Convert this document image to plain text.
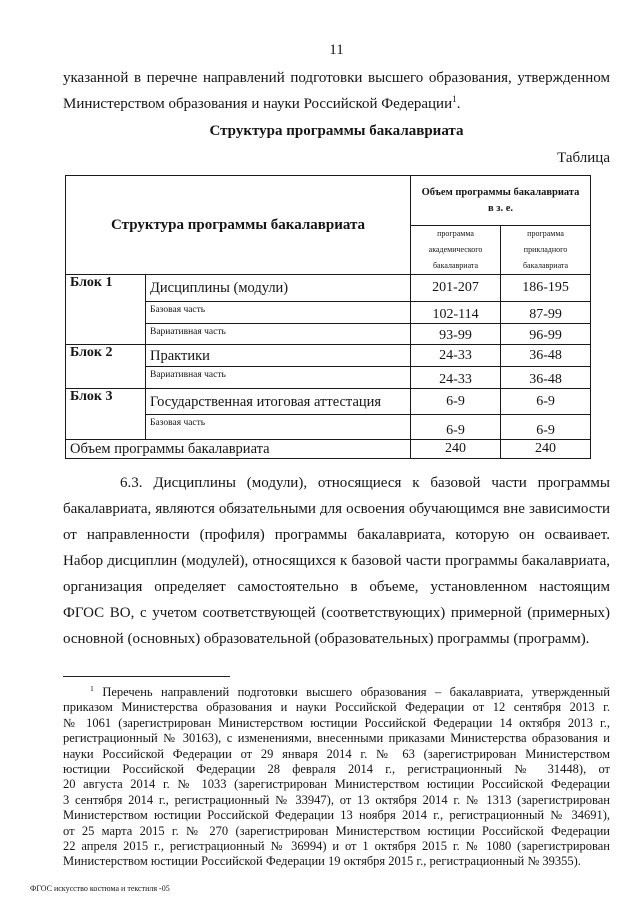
11
указанной в перечне направлений подготовки высшего образования, утвержденном
Министерством образования и науки Российской Федерации$^1$.
Структура программы бакалавриата
Таблица
Структура программы бакалавриата		Объем программы бакалавриата
в з. е.	

		программа
академического
бакалавриата	программа
прикладного
бакалавриата

Блок 1	Дисциплины (модули)	201-207	186-195
	Базовая часть	102-114	87-99
	Вариативная часть	93-99	96-99
Блок 2	Практики	24-33	36-48
	Вариативная часть	24-33	36-48
Блок 3	Государственная итоговая аттестация	6-9	6-9
	Базовая часть	6-9	6-9
Объем программы бакалавриата		240	240
6.3. Дисциплины (модули), относящиеся к базовой части программы
бакалавриата, являются обязательными для освоения обучающимся вне зависимости
от направленности (профиля) программы бакалавриата, которую он осваивает.
Набор дисциплин (модулей), относящихся к базовой части программы бакалавриата,
организация определяет самостоятельно в объеме, установленном настоящим
ФГОС ВО, с учетом соответствующей (соответствующих) примерной (примерных)
основной (основных) образовательной (образовательных) программы (программ).
$^1$ Перечень направлений подготовки высшего образования – бакалавриата, утвержденный
приказом Министерства образования и науки Российской Федерации от 12 сентября 2013 г.
№ 1061 (зарегистрирован Министерством юстиции Российской Федерации 14 октября 2013 г.,
регистрационный № 30163), с изменениями, внесенными приказами Министерства образования и
науки Российской Федерации от 29 января 2014 г. № 63 (зарегистрирован Министерством
юстиции Российской Федерации 28 февраля 2014 г., регистрационный № 31448), от
20 августа 2014 г. № 1033 (зарегистрирован Министерством юстиции Российской Федерации
3 сентября 2014 г., регистрационный № 33947), от 13 октября 2014 г. № 1313 (зарегистрирован
Министерством юстиции Российской Федерации 13 ноября 2014 г., регистрационный № 34691),
от 25 марта 2015 г. № 270 (зарегистрирован Министерством юстиции Российской Федерации
22 апреля 2015 г., регистрационный № 36994) и от 1 октября 2015 г. № 1080 (зарегистрирован
Министерством юстиции Российской Федерации 19 октября 2015 г., регистрационный № 39355).
ФГОС искусство костюма и текстиля -05
